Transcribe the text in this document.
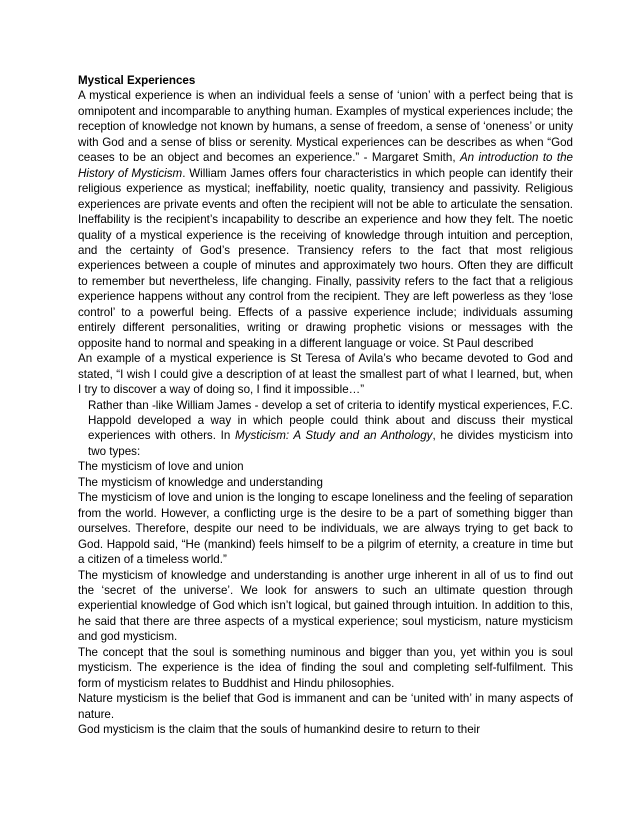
Mystical Experiences

A mystical experience is when an individual feels a sense of ‘union’ with a perfect being that is omnipotent and incomparable to anything human. Examples of mystical experiences include; the reception of knowledge not known by humans, a sense of freedom, a sense of ‘oneness’ or unity with God and a sense of bliss or serenity. Mystical experiences can be describes as when “God ceases to be an object and becomes an experience.” - Margaret Smith, An introduction to the History of Mysticism. William James offers four characteristics in which people can identify their religious experience as mystical; ineffability, noetic quality, transiency and passivity. Religious experiences are private events and often the recipient will not be able to articulate the sensation. Ineffability is the recipient’s incapability to describe an experience and how they felt. The noetic quality of a mystical experience is the receiving of knowledge through intuition and perception, and the certainty of God’s presence. Transiency refers to the fact that most religious experiences between a couple of minutes and approximately two hours. Often they are difficult to remember but nevertheless, life changing. Finally, passivity refers to the fact that a religious experience happens without any control from the recipient. They are left powerless as they ‘lose control’ to a powerful being. Effects of a passive experience include; individuals assuming entirely different personalities, writing or drawing prophetic visions or messages with the opposite hand to normal and speaking in a different language or voice. St Paul described

An example of a mystical experience is St Teresa of Avila’s who became devoted to God and stated, “I wish I could give a description of at least the smallest part of what I learned, but, when I try to discover a way of doing so, I find it impossible…”

Rather than -like William James - develop a set of criteria to identify mystical experiences, F.C. Happold developed a way in which people could think about and discuss their mystical experiences with others. In Mysticism: A Study and an Anthology, he divides mysticism into two types:

The mysticism of love and union

The mysticism of knowledge and understanding

The mysticism of love and union is the longing to escape loneliness and the feeling of separation from the world. However, a conflicting urge is the desire to be a part of something bigger than ourselves. Therefore, despite our need to be individuals, we are always trying to get back to God. Happold said, “He (mankind) feels himself to be a pilgrim of eternity, a creature in time but a citizen of a timeless world.”

The mysticism of knowledge and understanding is another urge inherent in all of us to find out the ‘secret of the universe’. We look for answers to such an ultimate question through experiential knowledge of God which isn’t logical, but gained through intuition. In addition to this, he said that there are three aspects of a mystical experience; soul mysticism, nature mysticism and god mysticism.

The concept that the soul is something numinous and bigger than you, yet within you is soul mysticism. The experience is the idea of finding the soul and completing self-fulfilment. This form of mysticism relates to Buddhist and Hindu philosophies.

Nature mysticism is the belief that God is immanent and can be ‘united with’ in many aspects of nature.

God mysticism is the claim that the souls of humankind desire to return to their
